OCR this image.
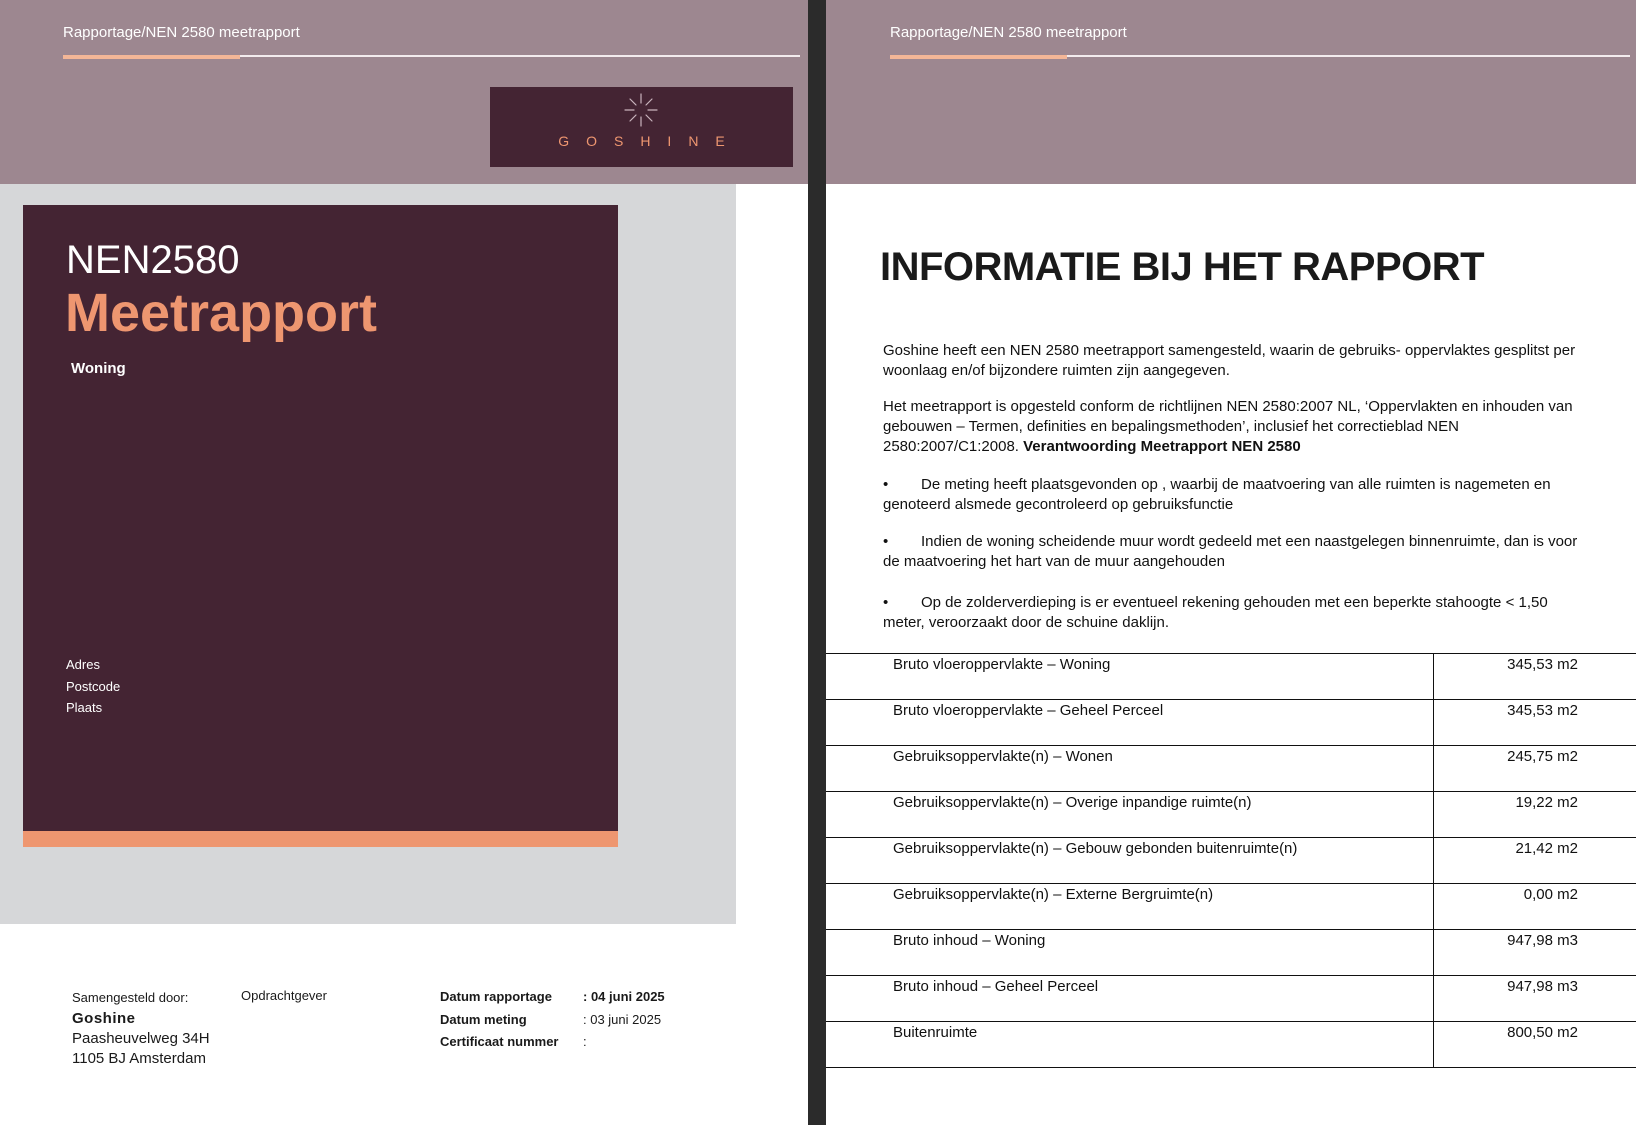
Rapportage/NEN 2580 meetrapport
GOSHINE
NEN2580
Meetrapport
Woning
Adres
Postcode
Plaats
Samengesteld door:
Goshine
Paasheuvelweg 34H
1105 BJ Amsterdam
Opdrachtgever	Datum rapportage : 04 juni 2025
Datum meting	: 03 juni 2025
Certificaat nummer :
Rapportage/NEN 2580 meetrapport
INFORMATIE BIJ HET RAPPORT
Goshine heeft een NEN 2580 meetrapport samengesteld, waarin de gebruiks- oppervlaktes gesplitst per woonlaag en/of bijzondere ruimten zijn aangegeven.
Het meetrapport is opgesteld conform de richtlijnen NEN 2580:2007 NL, ‘Oppervlakten en inhouden van gebouwen – Termen, definities en bepalingsmethoden’, inclusief het correctieblad NEN 2580:2007/C1:2008. Verantwoording Meetrapport NEN 2580
• De meting heeft plaatsgevonden op , waarbij de maatvoering van alle ruimten is nagemeten en genoteerd alsmede gecontroleerd op gebruiksfunctie
• Indien de woning scheidende muur wordt gedeeld met een naastgelegen binnenruimte, dan is voor de maatvoering het hart van de muur aangehouden
• Op de zolderverdieping is er eventueel rekening gehouden met een beperkte stahoogte < 1,50 meter, veroorzaakt door de schuine daklijn.
Bruto vloeroppervlakte – Woning	345,53 m2
Bruto vloeroppervlakte – Geheel Perceel	345,53 m2
Gebruiksoppervlakte(n) – Wonen	245,75 m2
Gebruiksoppervlakte(n) – Overige inpandige ruimte(n)	19,22 m2
Gebruiksoppervlakte(n) – Gebouw gebonden buitenruimte(n)	21,42 m2
Gebruiksoppervlakte(n) – Externe Bergruimte(n)	0,00 m2
Bruto inhoud – Woning	947,98 m3
Bruto inhoud – Geheel Perceel	947,98 m3
Buitenruimte	800,50 m2
